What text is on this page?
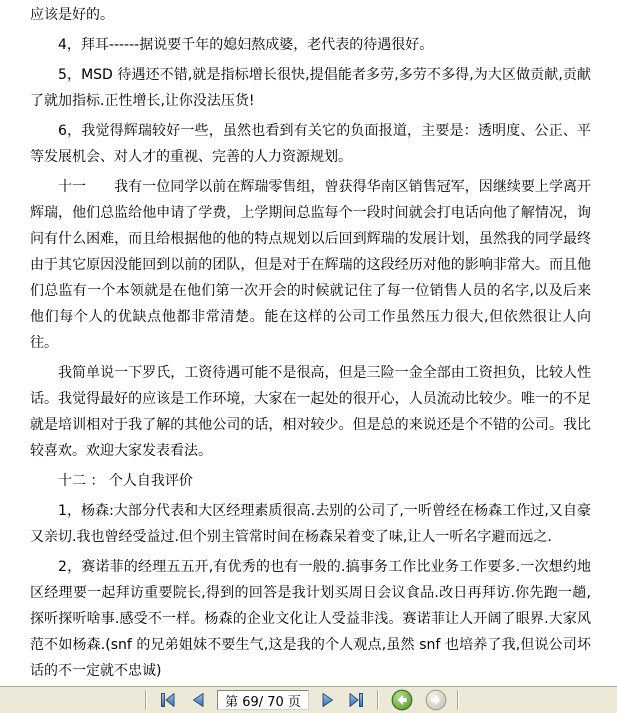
应该是好的。

4，拜耳------据说要千年的媳妇熬成婆，老代表的待遇很好。

5，MSD 待遇还不错,就是指标增长很快,提倡能者多劳,多劳不多得,为大区做贡献,贡献了就加指标.正性增长,让你没法压货!

6，我觉得辉瑞较好一些，虽然也看到有关它的负面报道，主要是：透明度、公正、平等发展机会、对人才的重视、完善的人力资源规划。

十一　　我有一位同学以前在辉瑞零售组，曾获得华南区销售冠军，因继续要上学离开辉瑞，他们总监给他申请了学费，上学期间总监每个一段时间就会打电话向他了解情况，询问有什么困难，而且给根据他的他的特点规划以后回到辉瑞的发展计划，虽然我的同学最终由于其它原因没能回到以前的团队，但是对于在辉瑞的这段经历对他的影响非常大。而且他们总监有一个本领就是在他们第一次开会的时候就记住了每一位销售人员的名字,以及后来他们每个人的优缺点他都非常清楚。能在这样的公司工作虽然压力很大,但依然很让人向往。

我简单说一下罗氏，工资待遇可能不是很高，但是三险一金全部由工资担负，比较人性话。我觉得最好的应该是工作环境，大家在一起处的很开心，人员流动比较少。唯一的不足就是培训相对于我了解的其他公司的话，相对较少。但是总的来说还是个不错的公司。我比较喜欢。欢迎大家发表看法。

十二 ： 个人自我评价

1，杨森:大部分代表和大区经理素质很高.去别的公司了,一听曾经在杨森工作过,又自豪又亲切.我也曾经受益过.但个别主管常时间在杨森呆着变了味,让人一听名字避而远之.

2，赛诺菲的经理五五开,有优秀的也有一般的.搞事务工作比业务工作要多.一次想约地区经理要一起拜访重要院长,得到的回答是我计划买周日会议食品.改日再拜访.你先跑一趟,探听探听啥事.感受不一样。杨森的企业文化让人受益非浅。赛诺菲让人开阔了眼界.大家风范不如杨森.(snf 的兄弟姐妹不要生气,这是我的个人观点,虽然 snf 也培养了我,但说公司坏话的不一定就不忠诚)

第 69/ 70 页
